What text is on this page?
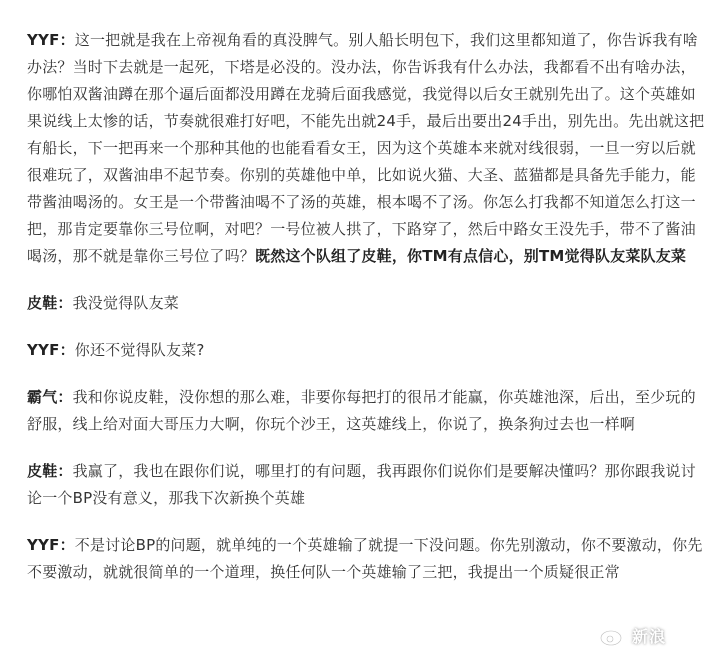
YYF：这一把就是我在上帝视角看的真没脾气。别人船长明包下，我们这里都知道了，你告诉我有啥办法？当时下去就是一起死，下塔是必没的。没办法，你告诉我有什么办法，我都看不出有啥办法，你哪怕双酱油蹲在那个逼后面都没用蹲在龙骑后面我感觉，我觉得以后女王就别先出了。这个英雄如果说线上太惨的话，节奏就很难打好吧，不能先出就24手，最后出要出24手出，别先出。先出就这把有船长，下一把再来一个那种其他的也能看看女王，因为这个英雄本来就对线很弱，一旦一穷以后就很难玩了，双酱油串不起节奏。你别的英雄他中单，比如说火猫、大圣、蓝猫都是具备先手能力，能带酱油喝汤的。女王是一个带酱油喝不了汤的英雄，根本喝不了汤。你怎么打我都不知道怎么打这一把，那肯定要靠你三号位啊，对吧？一号位被人拱了，下路穿了，然后中路女王没先手，带不了酱油喝汤，那不就是靠你三号位了吗？既然这个队组了皮鞋，你TM有点信心，别TM觉得队友菜队友菜

皮鞋：我没觉得队友菜

YYF：你还不觉得队友菜?

霸气：我和你说皮鞋，没你想的那么难，非要你每把打的很吊才能赢，你英雄池深，后出，至少玩的舒服，线上给对面大哥压力大啊，你玩个沙王，这英雄线上，你说了，换条狗过去也一样啊

皮鞋：我赢了，我也在跟你们说，哪里打的有问题，我再跟你们说你们是要解决懂吗？那你跟我说讨论一个BP没有意义，那我下次新换个英雄

YYF：不是讨论BP的问题，就单纯的一个英雄输了就提一下没问题。你先别激动，你不要激动，你先不要激动，就就很简单的一个道理，换任何队一个英雄输了三把，我提出一个质疑很正常

新浪
